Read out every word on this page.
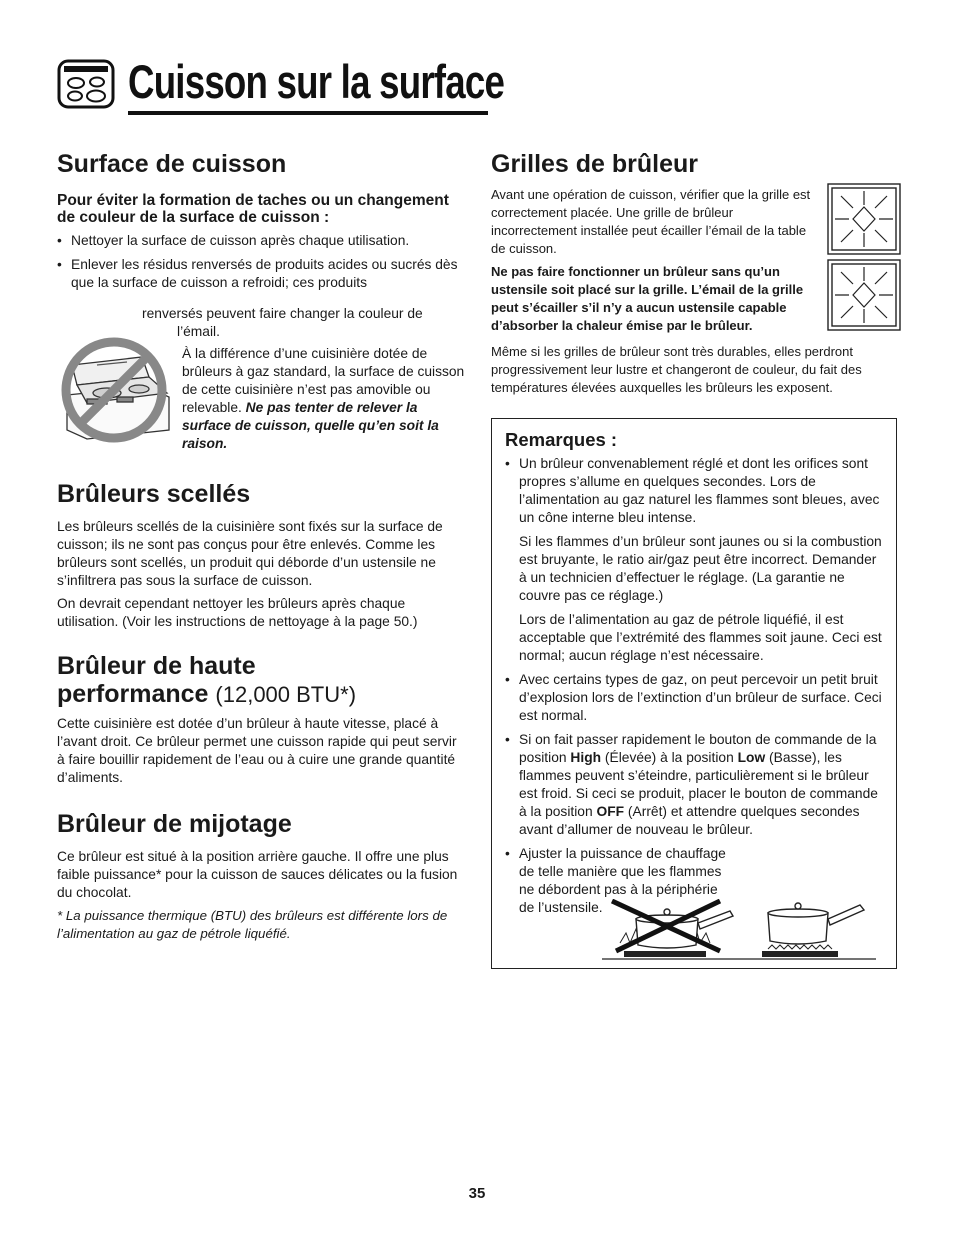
Cuisson sur la surface
Surface de cuisson
Pour éviter la formation de taches ou un changement de couleur de la surface de cuisson :
• Nettoyer la surface de cuisson après chaque utilisation.
• Enlever les résidus renversés de produits acides ou sucrés dès que la surface de cuisson a refroidi; ces produits
renversés peuvent faire changer la couleur de
l’émail.
À la différence d’une cuisinière dotée de brûleurs à gaz standard, la surface de cuisson de cette cuisinière n’est pas amovible ou relevable. Ne pas tenter de relever la surface de cuisson, quelle qu’en soit la raison.
Brûleurs scellés

Les brûleurs scellés de la cuisinière sont fixés sur la surface de cuisson; ils ne sont pas conçus pour être enlevés. Comme les brûleurs sont scellés, un produit qui déborde d’un ustensile ne s’infiltrera pas sous la surface de cuisson.

On devrait cependant nettoyer les brûleurs après chaque utilisation. (Voir les instructions de nettoyage à la page 50.)

Brûleur de haute
performance (12,000 BTU*)

Cette cuisinière est dotée d’un brûleur à haute vitesse, placé à l’avant droit. Ce brûleur permet une cuisson rapide qui peut servir à faire bouillir rapidement de l’eau ou à cuire une grande quantité d’aliments.

Brûleur de mijotage

Ce brûleur est situé à la position arrière gauche. Il offre une plus faible puissance* pour la cuisson de sauces délicates ou la fusion du chocolat.

* La puissance thermique (BTU) des brûleurs est différente lors de l’alimentation au gaz de pétrole liquéfié.

Grilles de brûleur

Avant une opération de cuisson, vérifier que la grille est correctement placée. Une grille de brûleur incorrectement installée peut écailler l’émail de la table de cuisson.

Ne pas faire fonctionner un brûleur sans qu’un ustensile soit placé sur la grille. L’émail de la grille peut s’écailler s’il n’y a aucun ustensile capable d’absorber la chaleur émise par le brûleur.

Même si les grilles de brûleur sont très durables, elles perdront progressivement leur lustre et changeront de couleur, du fait des températures élevées auxquelles les brûleurs les exposent.

Remarques :
• Un brûleur convenablement réglé et dont les orifices sont propres s’allume en quelques secondes. Lors de l’alimentation au gaz naturel les flammes sont bleues, avec un cône interne bleu intense.
Si les flammes d’un brûleur sont jaunes ou si la combustion est bruyante, le ratio air/gaz peut être incorrect. Demander à un technicien d’effectuer le réglage. (La garantie ne couvre pas ce réglage.)
Lors de l’alimentation au gaz de pétrole liquéfié, il est acceptable que l’extrémité des flammes soit jaune. Ceci est normal; aucun réglage n’est nécessaire.
• Avec certains types de gaz, on peut percevoir un petit bruit d’explosion lors de l’extinction d’un brûleur de surface. Ceci est normal.
• Si on fait passer rapidement le bouton de commande de la position High (Élevée) à la position Low (Basse), les flammes peuvent s’éteindre, particulièrement si le brûleur est froid. Si ceci se produit, placer le bouton de commande à la position OFF (Arrêt) et attendre quelques secondes avant d’allumer de nouveau le brûleur.
• Ajuster la puissance de chauffage de telle manière que les flammes ne débordent pas à la périphérie de l’ustensile.
35
